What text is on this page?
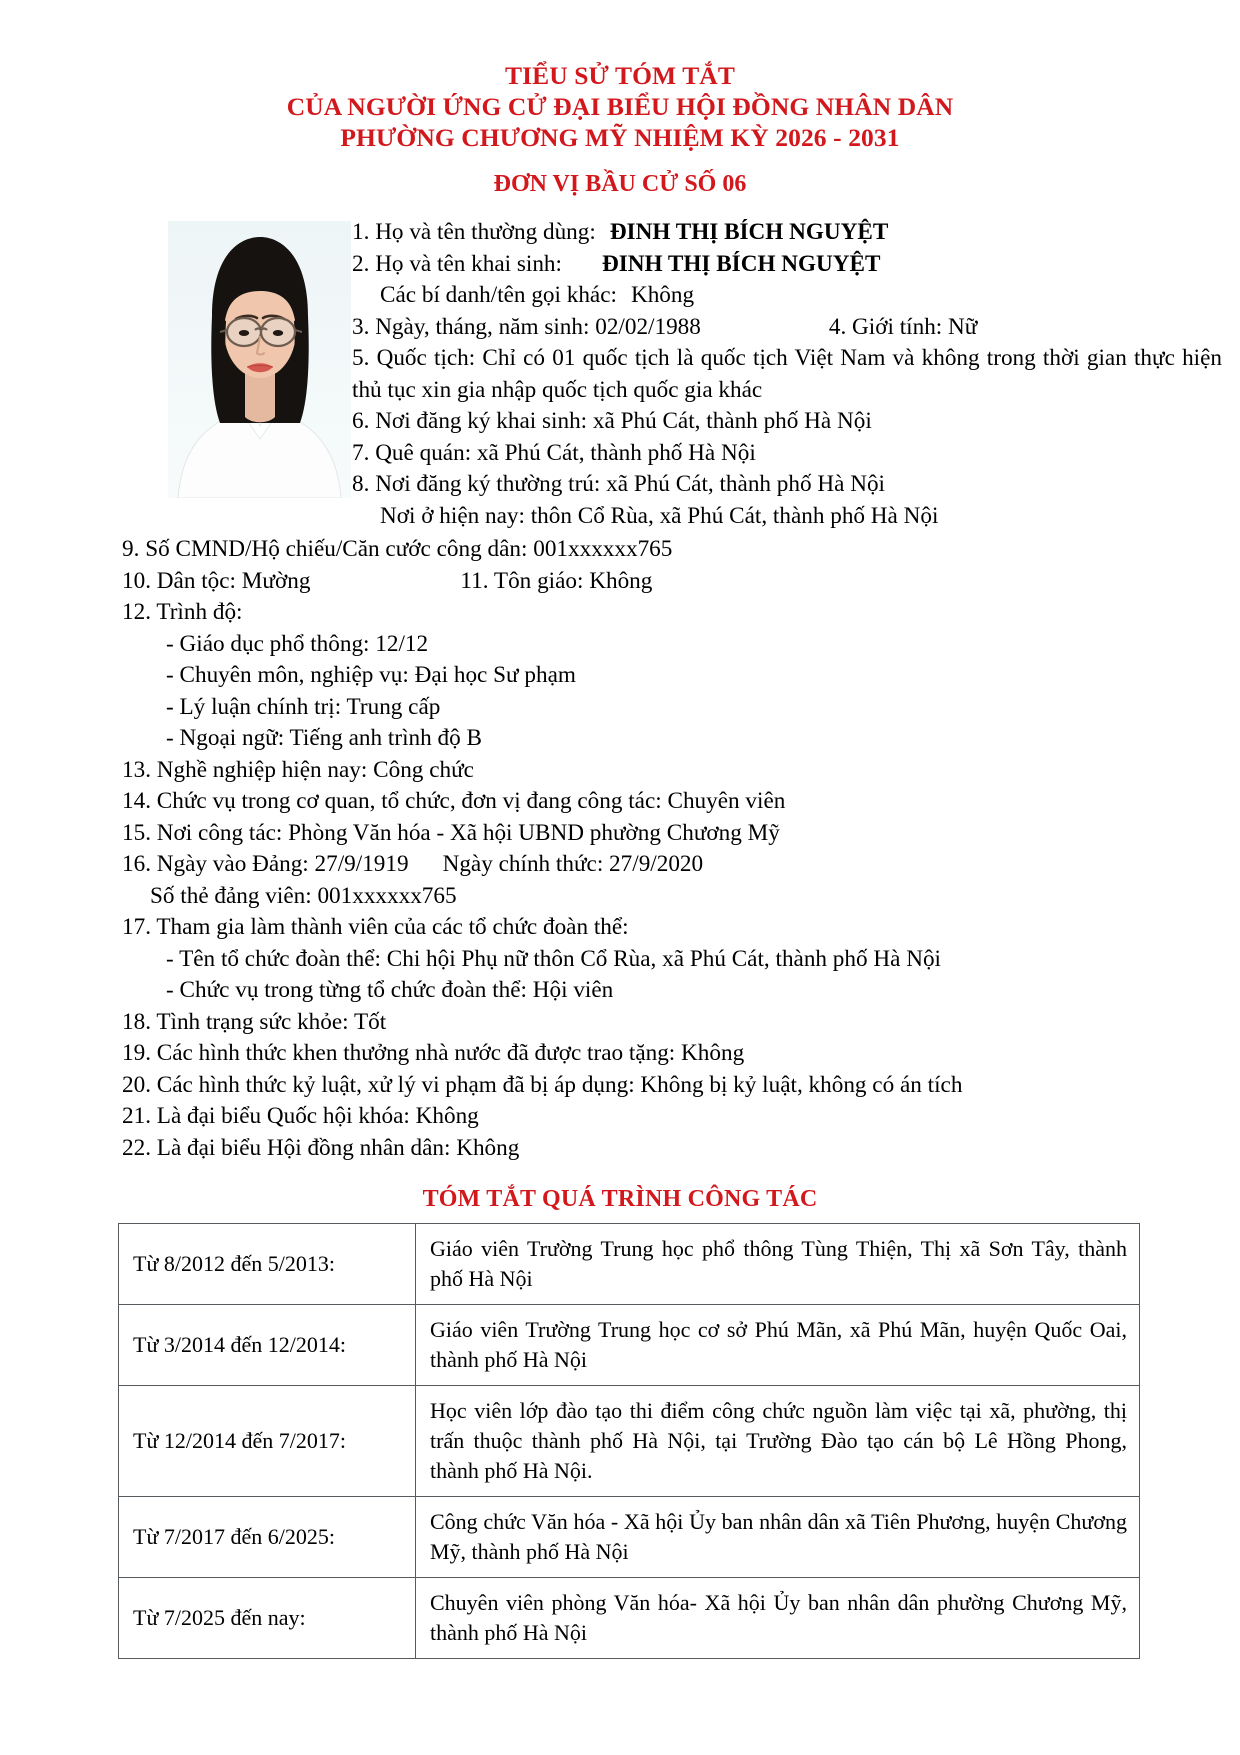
TIỂU SỬ TÓM TẮT
CỦA NGƯỜI ỨNG CỬ ĐẠI BIỂU HỘI ĐỒNG NHÂN DÂN
PHƯỜNG CHƯƠNG MỸ NHIỆM KỲ 2026 - 2031
ĐƠN VỊ BẦU CỬ SỐ 06
1. Họ và tên thường dùng: ĐINH THỊ BÍCH NGUYỆT
2. Họ và tên khai sinh: ĐINH THỊ BÍCH NGUYỆT
Các bí danh/tên gọi khác: Không
3. Ngày, tháng, năm sinh: 02/02/1988	4. Giới tính: Nữ
5. Quốc tịch: Chỉ có 01 quốc tịch là quốc tịch Việt Nam và không trong thời gian thực hiện thủ tục xin gia nhập quốc tịch quốc gia khác
6. Nơi đăng ký khai sinh: xã Phú Cát, thành phố Hà Nội
7. Quê quán: xã Phú Cát, thành phố Hà Nội
8. Nơi đăng ký thường trú: xã Phú Cát, thành phố Hà Nội
Nơi ở hiện nay: thôn Cổ Rùa, xã Phú Cát, thành phố Hà Nội
9. Số CMND/Hộ chiếu/Căn cước công dân: 001xxxxxx765
10. Dân tộc: Mường	11. Tôn giáo: Không
12. Trình độ:
- Giáo dục phổ thông: 12/12
- Chuyên môn, nghiệp vụ: Đại học Sư phạm
- Lý luận chính trị: Trung cấp
- Ngoại ngữ: Tiếng anh trình độ B
13. Nghề nghiệp hiện nay: Công chức
14. Chức vụ trong cơ quan, tổ chức, đơn vị đang công tác: Chuyên viên
15. Nơi công tác: Phòng Văn hóa - Xã hội UBND phường Chương Mỹ
16. Ngày vào Đảng: 27/9/1919 Ngày chính thức: 27/9/2020
Số thẻ đảng viên: 001xxxxxx765
17. Tham gia làm thành viên của các tổ chức đoàn thể:
- Tên tổ chức đoàn thể: Chi hội Phụ nữ thôn Cổ Rùa, xã Phú Cát, thành phố Hà Nội
- Chức vụ trong từng tổ chức đoàn thể: Hội viên
18. Tình trạng sức khỏe: Tốt
19. Các hình thức khen thưởng nhà nước đã được trao tặng: Không
20. Các hình thức kỷ luật, xử lý vi phạm đã bị áp dụng: Không bị kỷ luật, không có án tích
21. Là đại biểu Quốc hội khóa: Không
22. Là đại biểu Hội đồng nhân dân: Không
TÓM TẮT QUÁ TRÌNH CÔNG TÁC
Từ 8/2012 đến 5/2013:	Giáo viên Trường Trung học phổ thông Tùng Thiện, Thị xã Sơn Tây, thành phố Hà Nội
Từ 3/2014 đến 12/2014:	Giáo viên Trường Trung học cơ sở Phú Mãn, xã Phú Mãn, huyện Quốc Oai, thành phố Hà Nội
Từ 12/2014 đến 7/2017:	Học viên lớp đào tạo thi điểm công chức nguồn làm việc tại xã, phường, thị trấn thuộc thành phố Hà Nội, tại Trường Đào tạo cán bộ Lê Hồng Phong, thành phố Hà Nội.
Từ 7/2017 đến 6/2025:	Công chức Văn hóa - Xã hội Ủy ban nhân dân xã Tiên Phương, huyện Chương Mỹ, thành phố Hà Nội
Từ 7/2025 đến nay:	Chuyên viên phòng Văn hóa- Xã hội Ủy ban nhân dân phường Chương Mỹ, thành phố Hà Nội
